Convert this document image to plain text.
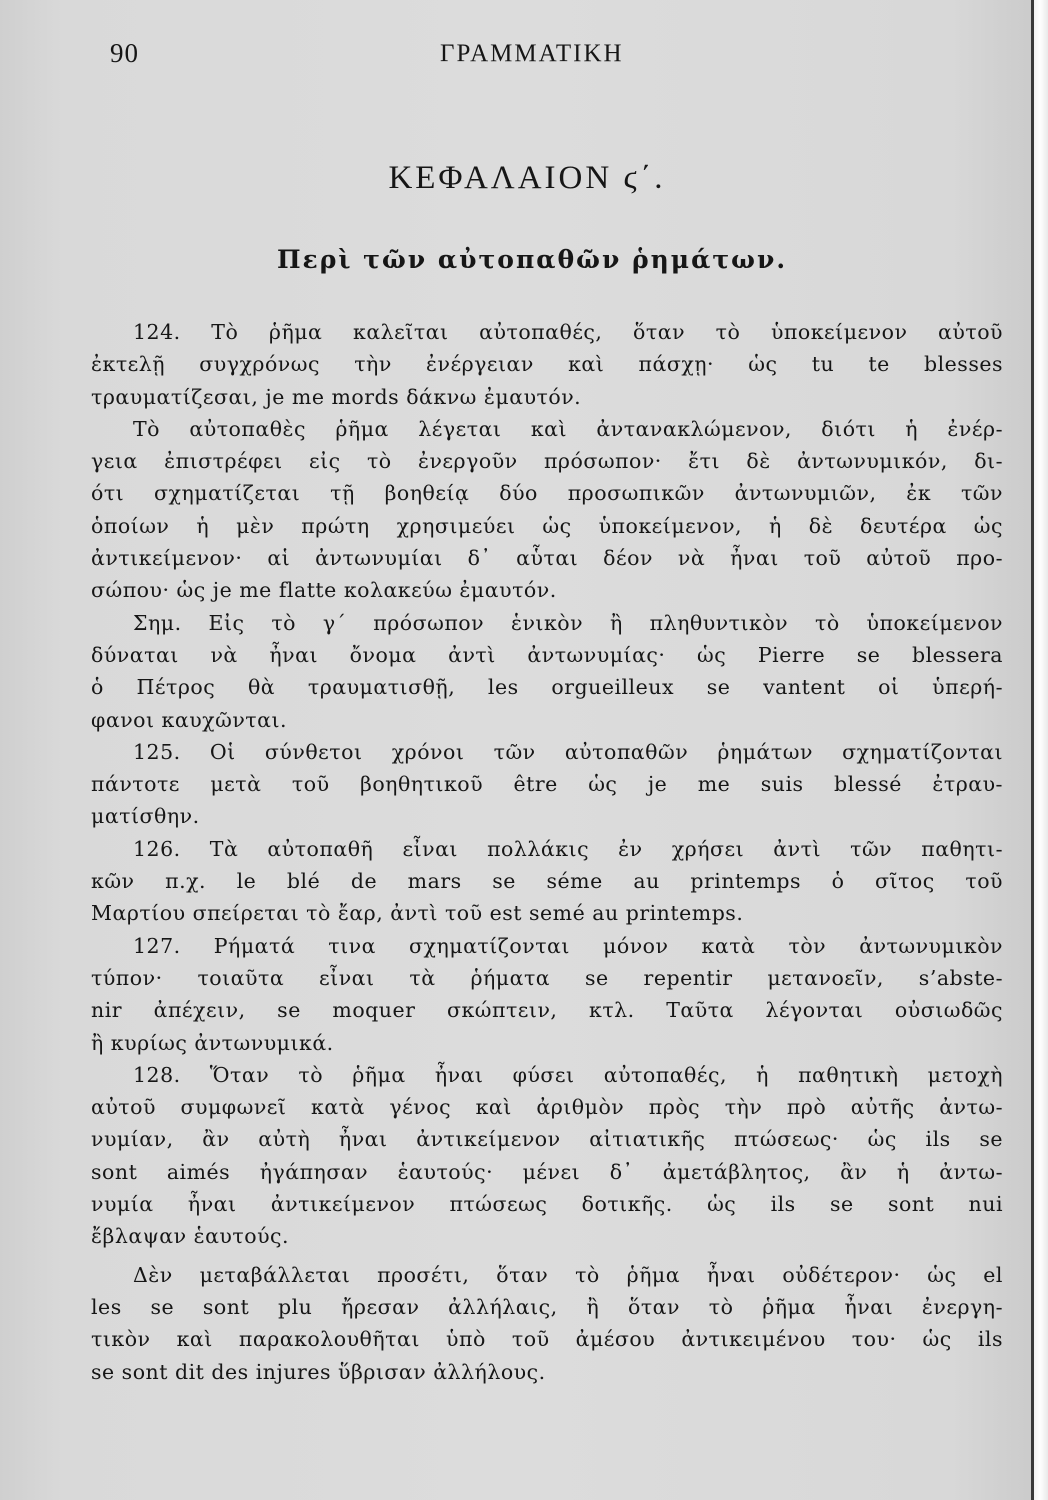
90	ΓΡΑΜΜΑΤΙΚΗ
ΚΕΦΑΛΑΙΟΝ ϛ΄.
Περὶ τῶν αὐτοπαθῶν ῥημάτων.
124. Τὸ ῥῆμα καλεῖται αὐτοπαθές, ὅταν τὸ ὑποκείμενον αὐτοῦ
ἐκτελῇ συγχρόνως τὴν ἐνέργειαν καὶ πάσχῃ· ὡς tu te blesses
τραυματίζεσαι, je me mords δάκνω ἐμαυτόν.
Τὸ αὐτοπαθὲς ῥῆμα λέγεται καὶ ἀντανακλώμενον, διότι ἡ ἐνέρ-
γεια ἐπιστρέφει εἰς τὸ ἐνεργοῦν πρόσωπον· ἔτι δὲ ἀντωνυμικόν, δι-
ότι σχηματίζεται τῇ βοηθείᾳ δύο προσωπικῶν ἀντωνυμιῶν, ἐκ τῶν
ὁποίων ἡ μὲν πρώτη χρησιμεύει ὡς ὑποκείμενον, ἡ δὲ δευτέρα ὡς
ἀντικείμενον· αἱ ἀντωνυμίαι δ᾽ αὗται δέον νὰ ἦναι τοῦ αὐτοῦ προ-
σώπου· ὡς je me flatte κολακεύω ἐμαυτόν.
Σημ. Εἰς τὸ γ΄ πρόσωπον ἑνικὸν ἢ πληθυντικὸν τὸ ὑποκείμενον
δύναται νὰ ἦναι ὄνομα ἀντὶ ἀντωνυμίας· ὡς Pierre se blessera
ὁ Πέτρος θὰ τραυματισθῇ, les orgueilleux se vantent οἱ ὑπερή-
φανοι καυχῶνται.
125. Οἱ σύνθετοι χρόνοι τῶν αὐτοπαθῶν ῥημάτων σχηματίζονται
πάντοτε μετὰ τοῦ βοηθητικοῦ être ὡς je me suis blessé ἐτραυ-
ματίσθην.
126. Τὰ αὐτοπαθῆ εἶναι πολλάκις ἐν χρήσει ἀντὶ τῶν παθητι-
κῶν π.χ. le blé de mars se séme au printemps ὁ σῖτος τοῦ
Μαρτίου σπείρεται τὸ ἔαρ, ἀντὶ τοῦ est semé au printemps.
127. Ρήματά τινα σχηματίζονται μόνον κατὰ τὸν ἀντωνυμικὸν
τύπον· τοιαῦτα εἶναι τὰ ῥήματα se repentir μετανοεῖν, s’abste-
nir ἀπέχειν, se moquer σκώπτειν, κτλ. Ταῦτα λέγονται οὐσιωδῶς
ἢ κυρίως ἀντωνυμικά.
128. Ὅταν τὸ ῥῆμα ἦναι φύσει αὐτοπαθές, ἡ παθητικὴ μετοχὴ
αὐτοῦ συμφωνεῖ κατὰ γένος καὶ ἀριθμὸν πρὸς τὴν πρὸ αὐτῆς ἀντω-
νυμίαν, ἂν αὐτὴ ἦναι ἀντικείμενον αἰτιατικῆς πτώσεως· ὡς ils se
sont aimés ἠγάπησαν ἑαυτούς· μένει δ᾽ ἀμετάβλητος, ἂν ἡ ἀντω-
νυμία ἦναι ἀντικείμενον πτώσεως δοτικῆς. ὡς ils se sont nui
ἔβλαψαν ἑαυτούς.
Δὲν μεταβάλλεται προσέτι, ὅταν τὸ ῥῆμα ἦναι οὐδέτερον· ὡς el
les se sont plu ἤρεσαν ἀλλήλαις, ἢ ὅταν τὸ ῥῆμα ἦναι ἐνεργη-
τικὸν καὶ παρακολουθῆται ὑπὸ τοῦ ἀμέσου ἀντικειμένου του· ὡς ils
se sont dit des injures ὕβρισαν ἀλλήλους.
